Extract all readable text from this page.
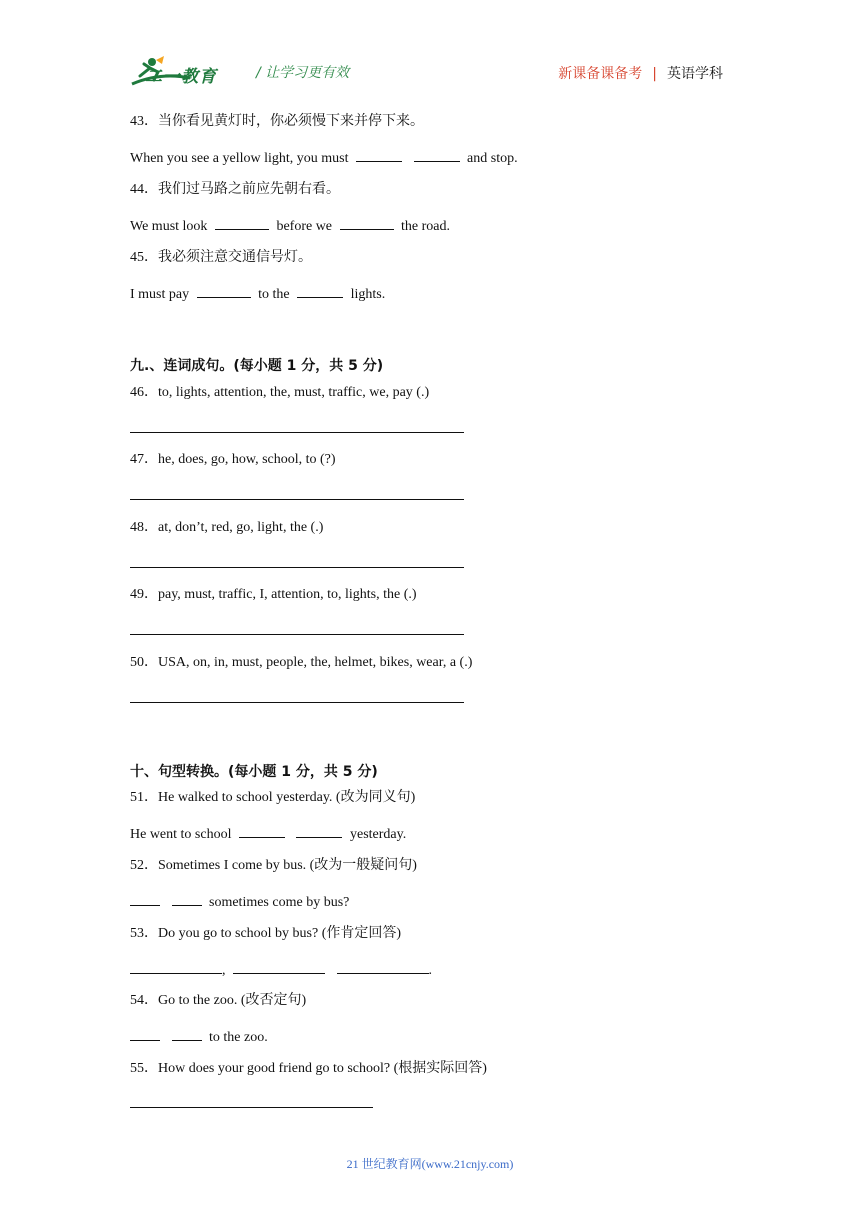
二一教育	/ 让学习更有效	新课备课备考 | 英语学科
43．当你看见黄灯时，你必须慢下来并停下来。
When you see a yellow light, you must	and stop.
44．我们过马路之前应先朝右看。
We must look	before we	the road.
45．我必须注意交通信号灯。
I must pay	to the	lights.
九.、连词成句。(每小题 1 分，共 5 分)
46．to, lights, attention, the, must, traffic, we, pay (.)
47．he, does, go, how, school, to (?)
48．at, don’t, red, go, light, the (.)
49．pay, must, traffic, I, attention, to, lights, the (.)
50．USA, on, in, must, people, the, helmet, bikes, wear, a (.)
十、句型转换。(每小题 1 分，共 5 分)
51．He walked to school yesterday. (改为同义句)
He went to school	yesterday.
52．Sometimes I come by bus. (改为一般疑问句)
sometimes come by bus?
53．Do you go to school by bus? (作肯定回答)
,	.
54．Go to the zoo. (改否定句)
to the zoo.
55．How does your good friend go to school? (根据实际回答)
21 世纪教育网(www.21cnjy.com)
